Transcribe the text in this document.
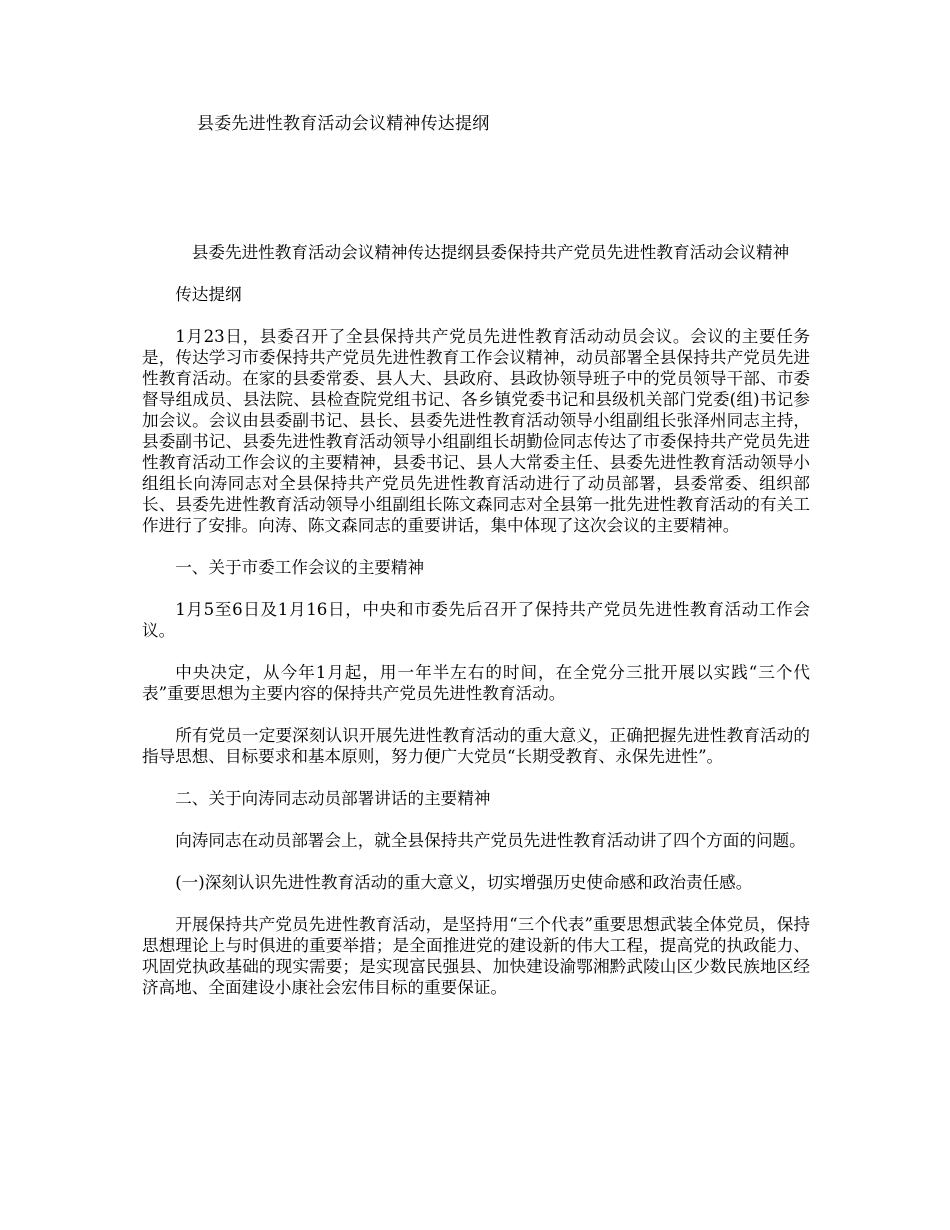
县委先进性教育活动会议精神传达提纲

县委先进性教育活动会议精神传达提纲县委保持共产党员先进性教育活动会议精神

传达提纲

1月23日，县委召开了全县保持共产党员先进性教育活动动员会议。会议的主要任务是，传达学习市委保持共产党员先进性教育工作会议精神，动员部署全县保持共产党员先进性教育活动。在家的县委常委、县人大、县政府、县政协领导班子中的党员领导干部、市委督导组成员、县法院、县检查院党组书记、各乡镇党委书记和县级机关部门党委(组)书记参加会议。会议由县委副书记、县长、县委先进性教育活动领导小组副组长张泽州同志主持，县委副书记、县委先进性教育活动领导小组副组长胡勤俭同志传达了市委保持共产党员先进性教育活动工作会议的主要精神，县委书记、县人大常委主任、县委先进性教育活动领导小组组长向涛同志对全县保持共产党员先进性教育活动进行了动员部署，县委常委、组织部长、县委先进性教育活动领导小组副组长陈文森同志对全县第一批先进性教育活动的有关工作进行了安排。向涛、陈文森同志的重要讲话，集中体现了这次会议的主要精神。

一、关于市委工作会议的主要精神

1月5至6日及1月16日，中央和市委先后召开了保持共产党员先进性教育活动工作会议。

中央决定，从今年1月起，用一年半左右的时间，在全党分三批开展以实践“三个代表”重要思想为主要内容的保持共产党员先进性教育活动。

所有党员一定要深刻认识开展先进性教育活动的重大意义，正确把握先进性教育活动的指导思想、目标要求和基本原则，努力便广大党员“长期受教育、永保先进性”。

二、关于向涛同志动员部署讲话的主要精神

向涛同志在动员部署会上，就全县保持共产党员先进性教育活动讲了四个方面的问题。

(一)深刻认识先进性教育活动的重大意义，切实增强历史使命感和政治责任感。

开展保持共产党员先进性教育活动，是坚持用“三个代表”重要思想武装全体党员，保持思想理论上与时俱进的重要举措；是全面推进党的建设新的伟大工程，提高党的执政能力、巩固党执政基础的现实需要；是实现富民强县、加快建设渝鄂湘黔武陵山区少数民族地区经济高地、全面建设小康社会宏伟目标的重要保证。
